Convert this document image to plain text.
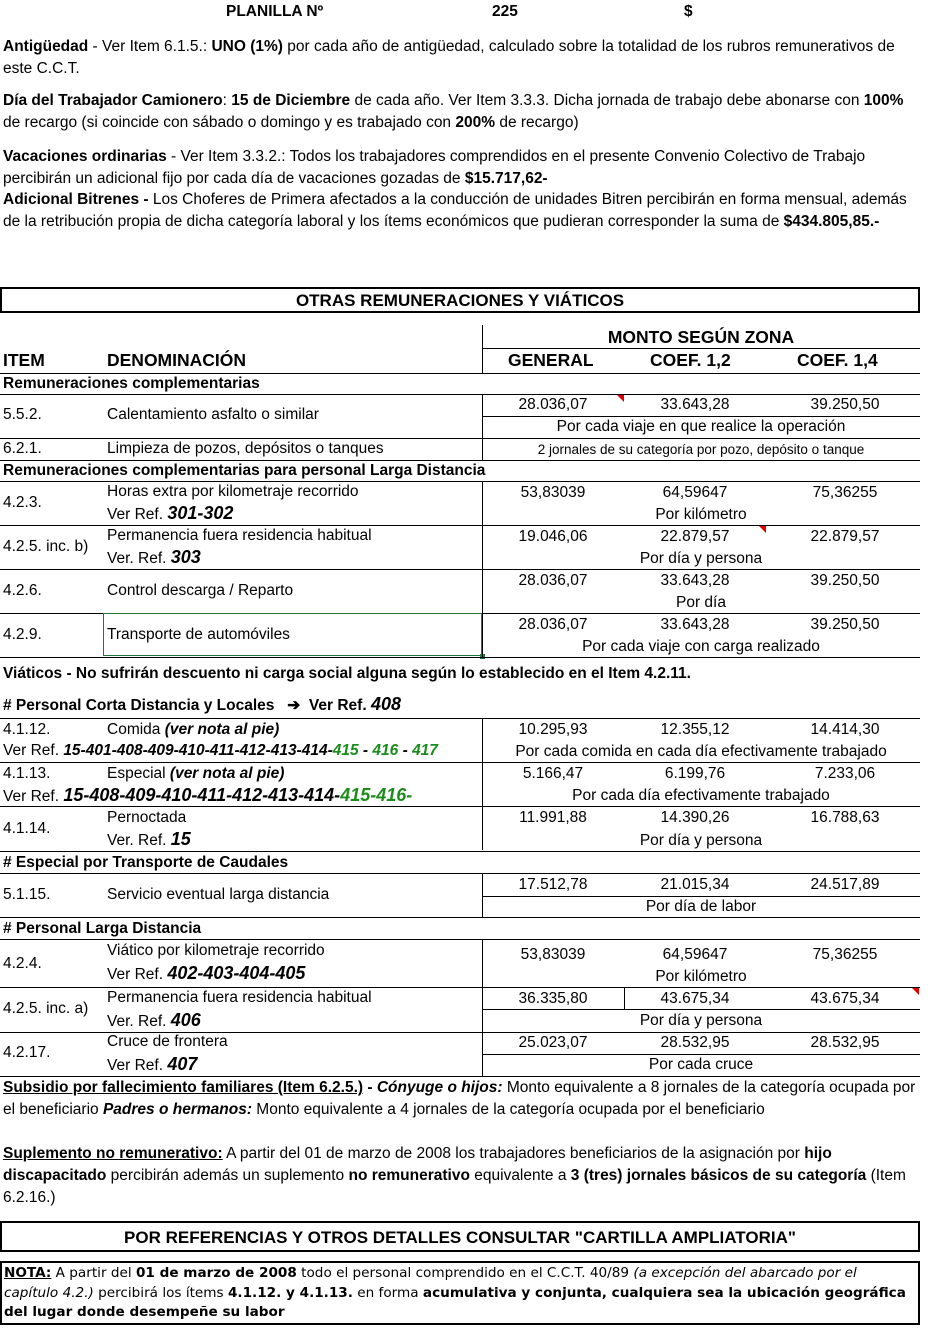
PLANILLA Nº	225	$
Antigüedad - Ver Item 6.1.5.: UNO (1%) por cada año de antigüedad, calculado sobre la totalidad de los rubros remunerativos de este C.C.T.
Día del Trabajador Camionero: 15 de Diciembre de cada año. Ver Item 3.3.3. Dicha jornada de trabajo debe abonarse con 100% de recargo (si coincide con sábado o domingo y es trabajado con 200% de recargo)
Vacaciones ordinarias - Ver Item 3.3.2.: Todos los trabajadores comprendidos en el presente Convenio Colectivo de Trabajo percibirán un adicional fijo por cada día de vacaciones gozadas de $15.717,62-
Adicional Bitrenes - Los Choferes de Primera afectados a la conducción de unidades Bitren percibirán en forma mensual, además de la retribución propia de dicha categoría laboral y los ítems económicos que pudieran corresponder la suma de $434.805,85.-
OTRAS REMUNERACIONES Y VIÁTICOS
MONTO SEGÚN ZONA
ITEM	DENOMINACIÓN	GENERAL	COEF. 1,2	COEF. 1,4
Remuneraciones complementarias
5.5.2.	Calentamiento asfalto o similar
28.036,07	33.643,28	39.250,50
Por cada viaje en que realice la operación
6.2.1.	Limpieza de pozos, depósitos o tanques	2 jornales de su categoría por pozo, depósito o tanque
Remuneraciones complementarias para personal Larga Distancia
4.2.3.
Horas extra por kilometraje recorrido
Ver Ref. 301-302
53,83039	64,59647	75,36255
Por kilómetro
4.2.5. inc. b)
Permanencia fuera residencia habitual
Ver. Ref. 303
19.046,06	22.879,57	22.879,57
Por día y persona
4.2.6.	Control descarga / Reparto
28.036,07	33.643,28	39.250,50
Por día
4.2.9.	Transporte de automóviles
28.036,07	33.643,28	39.250,50
Por cada viaje con carga realizado
Viáticos - No sufrirán descuento ni carga social alguna según lo establecido en el Item 4.2.11.
# Personal Corta Distancia y Locales ➔ Ver Ref. 408
4.1.12.	Comida (ver nota al pie)
Ver Ref. 15-401-408-409-410-411-412-413-414-415 - 416 - 417
10.295,93	12.355,12	14.414,30
Por cada comida en cada día efectivamente trabajado
4.1.13.	Especial (ver nota al pie)
Ver Ref. 15-408-409-410-411-412-413-414-415-416-
5.166,47	6.199,76	7.233,06
Por cada día efectivamente trabajado
4.1.14.
Pernoctada
Ver. Ref. 15
11.991,88	14.390,26	16.788,63
Por día y persona
# Especial por Transporte de Caudales
5.1.15.	Servicio eventual larga distancia
17.512,78	21.015,34	24.517,89
Por día de labor
# Personal Larga Distancia
4.2.4.
Viático por kilometraje recorrido
Ver Ref. 402-403-404-405
53,83039	64,59647	75,36255
Por kilómetro
4.2.5. inc. a)
Permanencia fuera residencia habitual
Ver. Ref. 406
36.335,80	43.675,34	43.675,34
Por día y persona
4.2.17.
Cruce de frontera
Ver Ref. 407
25.023,07	28.532,95	28.532,95
Por cada cruce
Subsidio por fallecimiento familiares (Item 6.2.5.) - Cónyuge o hijos: Monto equivalente a 8 jornales de la categoría ocupada por el beneficiario Padres o hermanos: Monto equivalente a 4 jornales de la categoría ocupada por el beneficiario
Suplemento no remunerativo: A partir del 01 de marzo de 2008 los trabajadores beneficiarios de la asignación por hijo discapacitado percibirán además un suplemento no remunerativo equivalente a 3 (tres) jornales básicos de su categoría (Item 6.2.16.)
POR REFERENCIAS Y OTROS DETALLES CONSULTAR "CARTILLA AMPLIATORIA"
NOTA: A partir del 01 de marzo de 2008 todo el personal comprendido en el C.C.T. 40/89 (a excepción del abarcado por el capítulo 4.2.) percibirá los ítems 4.1.12. y 4.1.13. en forma acumulativa y conjunta, cualquiera sea la ubicación geográfica del lugar donde desempeñe su labor
